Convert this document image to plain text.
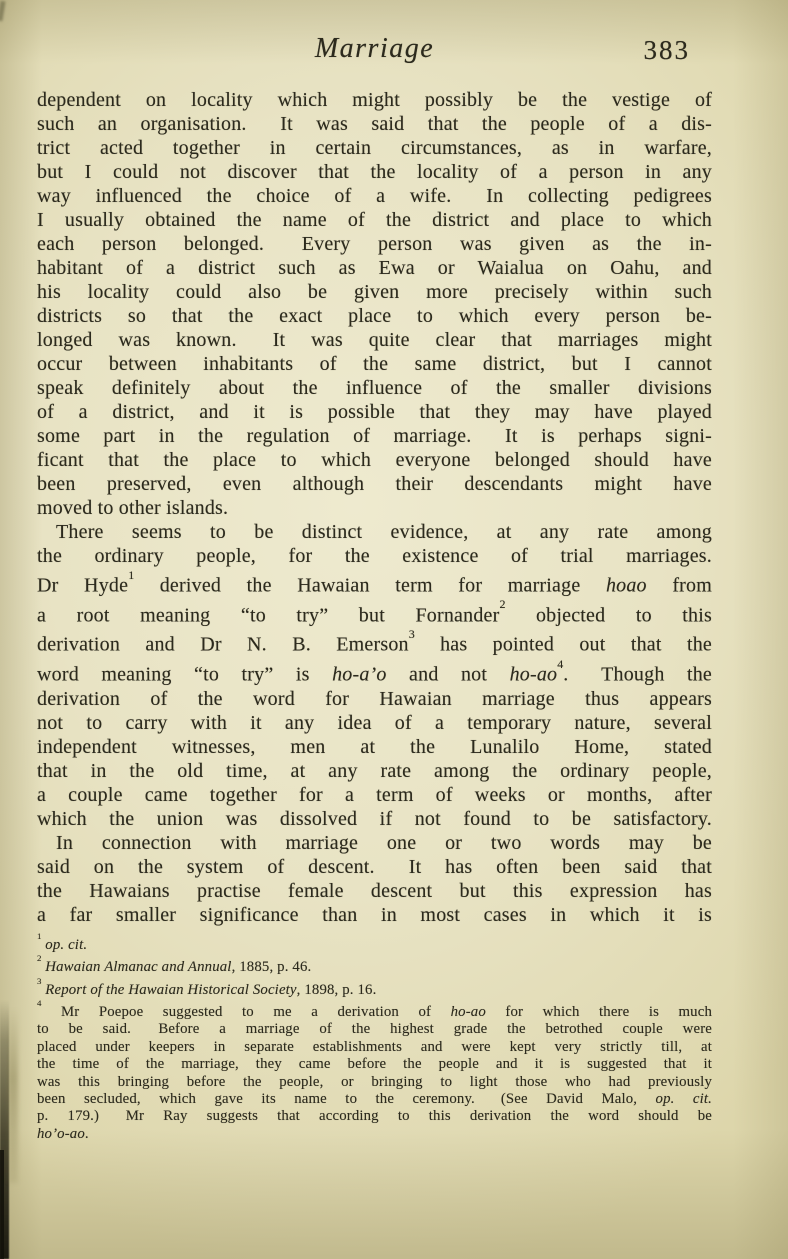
Marriage	383
dependent on locality which might possibly be the vestige of
such an organisation.  It was said that the people of a dis-
trict acted together in certain circumstances, as in warfare,
but I could not discover that the locality of a person in any
way influenced the choice of a wife.  In collecting pedigrees
I usually obtained the name of the district and place to which
each person belonged.  Every person was given as the in-
habitant of a district such as Ewa or Waialua on Oahu, and
his locality could also be given more precisely within such
districts so that the exact place to which every person be-
longed was known.  It was quite clear that marriages might
occur between inhabitants of the same district, but I cannot
speak definitely about the influence of the smaller divisions
of a district, and it is possible that they may have played
some part in the regulation of marriage.  It is perhaps signi-
ficant that the place to which everyone belonged should have
been preserved, even although their descendants might have
moved to other islands.
There seems to be distinct evidence, at any rate among
the ordinary people, for the existence of trial marriages.
Dr Hyde$^1$ derived the Hawaian term for marriage hoao from
a root meaning “to try” but Fornander$^2$ objected to this
derivation and Dr N. B. Emerson$^3$ has pointed out that the
word meaning “to try” is ho-a’o and not $ho-ao^4$.  Though the
derivation of the word for Hawaian marriage thus appears
not to carry with it any idea of a temporary nature, several
independent witnesses, men at the Lunalilo Home, stated
that in the old time, at any rate among the ordinary people,
a couple came together for a term of weeks or months, after
which the union was dissolved if not found to be satisfactory.
In connection with marriage one or two words may be
said on the system of descent.  It has often been said that
the Hawaians practise female descent but this expression has
a far smaller significance than in most cases in which it is
$^1$ op. cit.
$^2$ Hawaian Almanac and Annual, 1885, p. 46.
$^3$ Report of the Hawaian Historical Society, 1898, p. 16.
$^4$ Mr Poepoe suggested to me a derivation of ho-ao for which there is much
to be said.  Before a marriage of the highest grade the betrothed couple were
placed under keepers in separate establishments and were kept very strictly till, at
the time of the marriage, they came before the people and it is suggested that it
was this bringing before the people, or bringing to light those who had previously
been secluded, which gave its name to the ceremony.  (See David Malo, op. cit.
p. 179.)  Mr Ray suggests that according to this derivation the word should be
ho’o-ao.
